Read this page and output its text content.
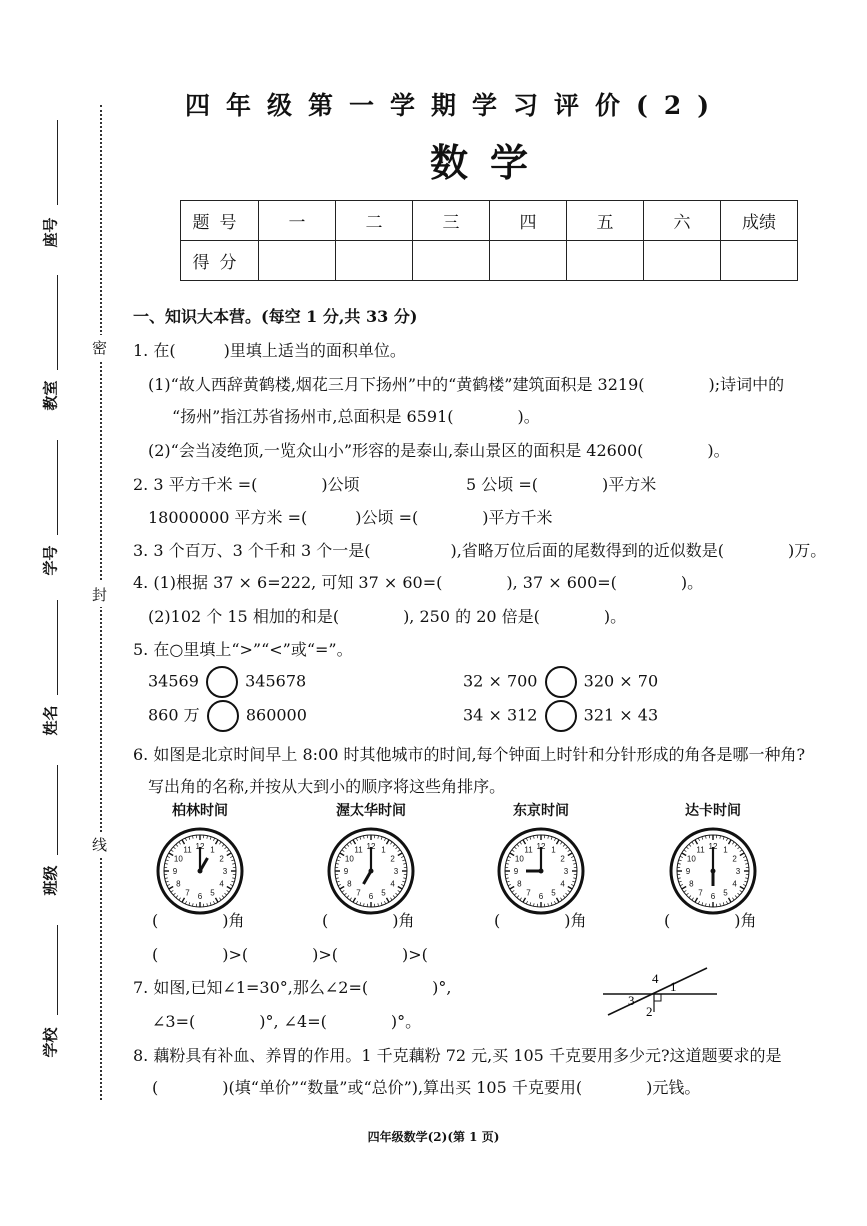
座号
教室
学号
姓名
班级
学校
密
封
线
四年级第一学期学习评价(2)
数学
题号	一	二	三	四	五	六	成绩
得分							
一、知识大本营。(每空 1 分,共 33 分)
1. 在(　　　)里填上适当的面积单位。
(1)“故人西辞黄鹤楼,烟花三月下扬州”中的“黄鹤楼”建筑面积是 3219(　　　　);诗词中的
“扬州”指江苏省扬州市,总面积是 6591(　　　　)。
(2)“会当凌绝顶,一览众山小”形容的是泰山,泰山景区的面积是 42600(　　　　)。
2. 3 平方千米 =(　　　　)公顷	5 公顷 =(　　　　)平方米
18000000 平方米 =(　　　)公顷 =(　　　　)平方千米
3. 3 个百万、3 个千和 3 个一是(　　　　　),省略万位后面的尾数得到的近似数是(　　　　)万。
4. (1)根据 37 × 6=222, 可知 37 × 60=(　　　　), 37 × 600=(　　　　)。
(2)102 个 15 相加的和是(　　　　), 250 的 20 倍是(　　　　)。
5. 在○里填上“>”“<”或“=”。
34569	345678	32 × 700	320 × 70
860 万	860000	34 × 312	321 × 43
6. 如图是北京时间早上 8:00 时其他城市的时间,每个钟面上时针和分针形成的角各是哪一种角?
写出角的名称,并按从大到小的顺序将这些角排序。
柏林时间
1
2
3
4
5
6
7
8
9
10
11 12
渥太华时间
1
2
3
4
5
6
7
8
9
10
11 12
东京时间
1
2
3
4
5
6
7
8
9
10
11 12
达卡时间
1
2
3
4
5
6
7
8
9
10
11 12
(　　　　)角	(　　　　)角	(　　　　)角	(　　　　)角
(　　　　)>(　　　　)>(　　　　)>(
7. 如图,已知∠1=30°,那么∠2=(　　　　)°,
∠3=(　　　　)°, ∠4=(　　　　)°。
1
2
3
4
8. 藕粉具有补血、养胃的作用。1 千克藕粉 72 元,买 105 千克要用多少元?这道题要求的是
(　　　　)(填“单价”“数量”或“总价”),算出买 105 千克要用(　　　　)元钱。
四年级数学(2)(第 1 页)
